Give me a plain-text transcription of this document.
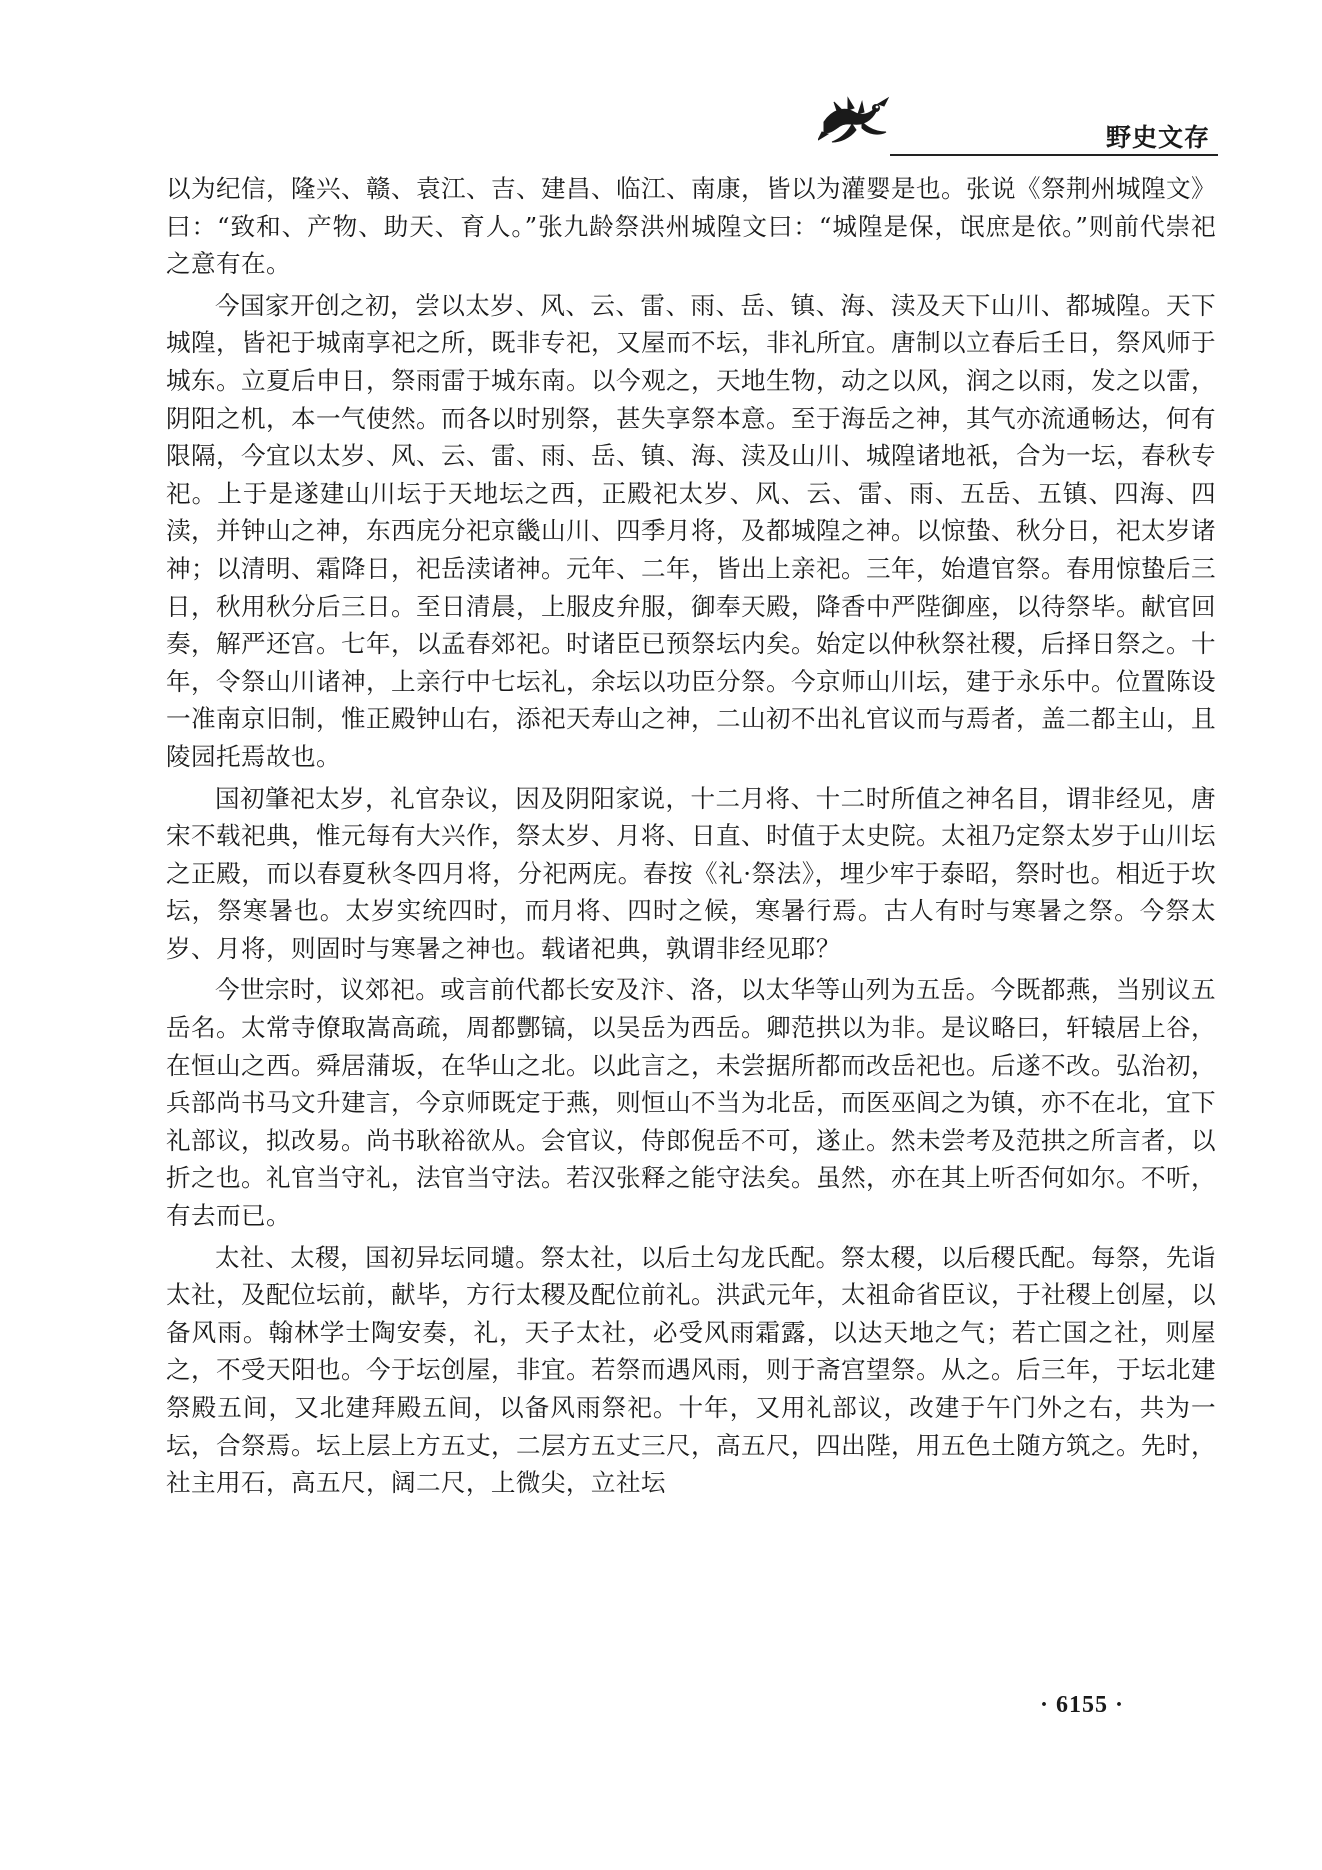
野史文存

以为纪信，隆兴、赣、袁江、吉、建昌、临江、南康，皆以为灌婴是也。张说《祭荆州城隍文》曰：“致和、产物、助天、育人。”张九龄祭洪州城隍文曰：“城隍是保，氓庶是依。”则前代崇祀之意有在。

今国家开创之初，尝以太岁、风、云、雷、雨、岳、镇、海、渎及天下山川、都城隍。天下城隍，皆祀于城南享祀之所，既非专祀，又屋而不坛，非礼所宜。唐制以立春后壬日，祭风师于城东。立夏后申日，祭雨雷于城东南。以今观之，天地生物，动之以风，润之以雨，发之以雷，阴阳之机，本一气使然。而各以时别祭，甚失享祭本意。至于海岳之神，其气亦流通畅达，何有限隔，今宜以太岁、风、云、雷、雨、岳、镇、海、渎及山川、城隍诸地祇，合为一坛，春秋专祀。上于是遂建山川坛于天地坛之西，正殿祀太岁、风、云、雷、雨、五岳、五镇、四海、四渎，并钟山之神，东西庑分祀京畿山川、四季月将，及都城隍之神。以惊蛰、秋分日，祀太岁诸神；以清明、霜降日，祀岳渎诸神。元年、二年，皆出上亲祀。三年，始遣官祭。春用惊蛰后三日，秋用秋分后三日。至日清晨，上服皮弁服，御奉天殿，降香中严陛御座，以待祭毕。献官回奏，解严还宫。七年，以孟春郊祀。时诸臣已预祭坛内矣。始定以仲秋祭社稷，后择日祭之。十年，令祭山川诸神，上亲行中七坛礼，余坛以功臣分祭。今京师山川坛，建于永乐中。位置陈设一准南京旧制，惟正殿钟山右，添祀天寿山之神，二山初不出礼官议而与焉者，盖二都主山，且陵园托焉故也。

国初肇祀太岁，礼官杂议，因及阴阳家说，十二月将、十二时所值之神名目，谓非经见，唐宋不载祀典，惟元每有大兴作，祭太岁、月将、日直、时值于太史院。太祖乃定祭太岁于山川坛之正殿，而以春夏秋冬四月将，分祀两庑。春按《礼·祭法》，埋少牢于泰昭，祭时也。相近于坎坛，祭寒暑也。太岁实统四时，而月将、四时之候，寒暑行焉。古人有时与寒暑之祭。今祭太岁、月将，则固时与寒暑之神也。载诸祀典，孰谓非经见耶？

今世宗时，议郊祀。或言前代都长安及汴、洛，以太华等山列为五岳。今既都燕，当别议五岳名。太常寺僚取嵩高疏，周都酆镐，以吴岳为西岳。卿范拱以为非。是议略曰，轩辕居上谷，在恒山之西。舜居蒲坂，在华山之北。以此言之，未尝据所都而改岳祀也。后遂不改。弘治初，兵部尚书马文升建言，今京师既定于燕，则恒山不当为北岳，而医巫闾之为镇，亦不在北，宜下礼部议，拟改易。尚书耿裕欲从。会官议，侍郎倪岳不可，遂止。然未尝考及范拱之所言者，以折之也。礼官当守礼，法官当守法。若汉张释之能守法矣。虽然，亦在其上听否何如尔。不听，有去而已。

太社、太稷，国初异坛同壝。祭太社，以后土勾龙氏配。祭太稷，以后稷氏配。每祭，先诣太社，及配位坛前，献毕，方行太稷及配位前礼。洪武元年，太祖命省臣议，于社稷上创屋，以备风雨。翰林学士陶安奏，礼，天子太社，必受风雨霜露，以达天地之气；若亡国之社，则屋之，不受天阳也。今于坛创屋，非宜。若祭而遇风雨，则于斋宫望祭。从之。后三年，于坛北建祭殿五间，又北建拜殿五间，以备风雨祭祀。十年，又用礼部议，改建于午门外之右，共为一坛，合祭焉。坛上层上方五丈，二层方五丈三尺，高五尺，四出陛，用五色土随方筑之。先时，社主用石，高五尺，阔二尺，上微尖，立社坛

· 6155 ·
